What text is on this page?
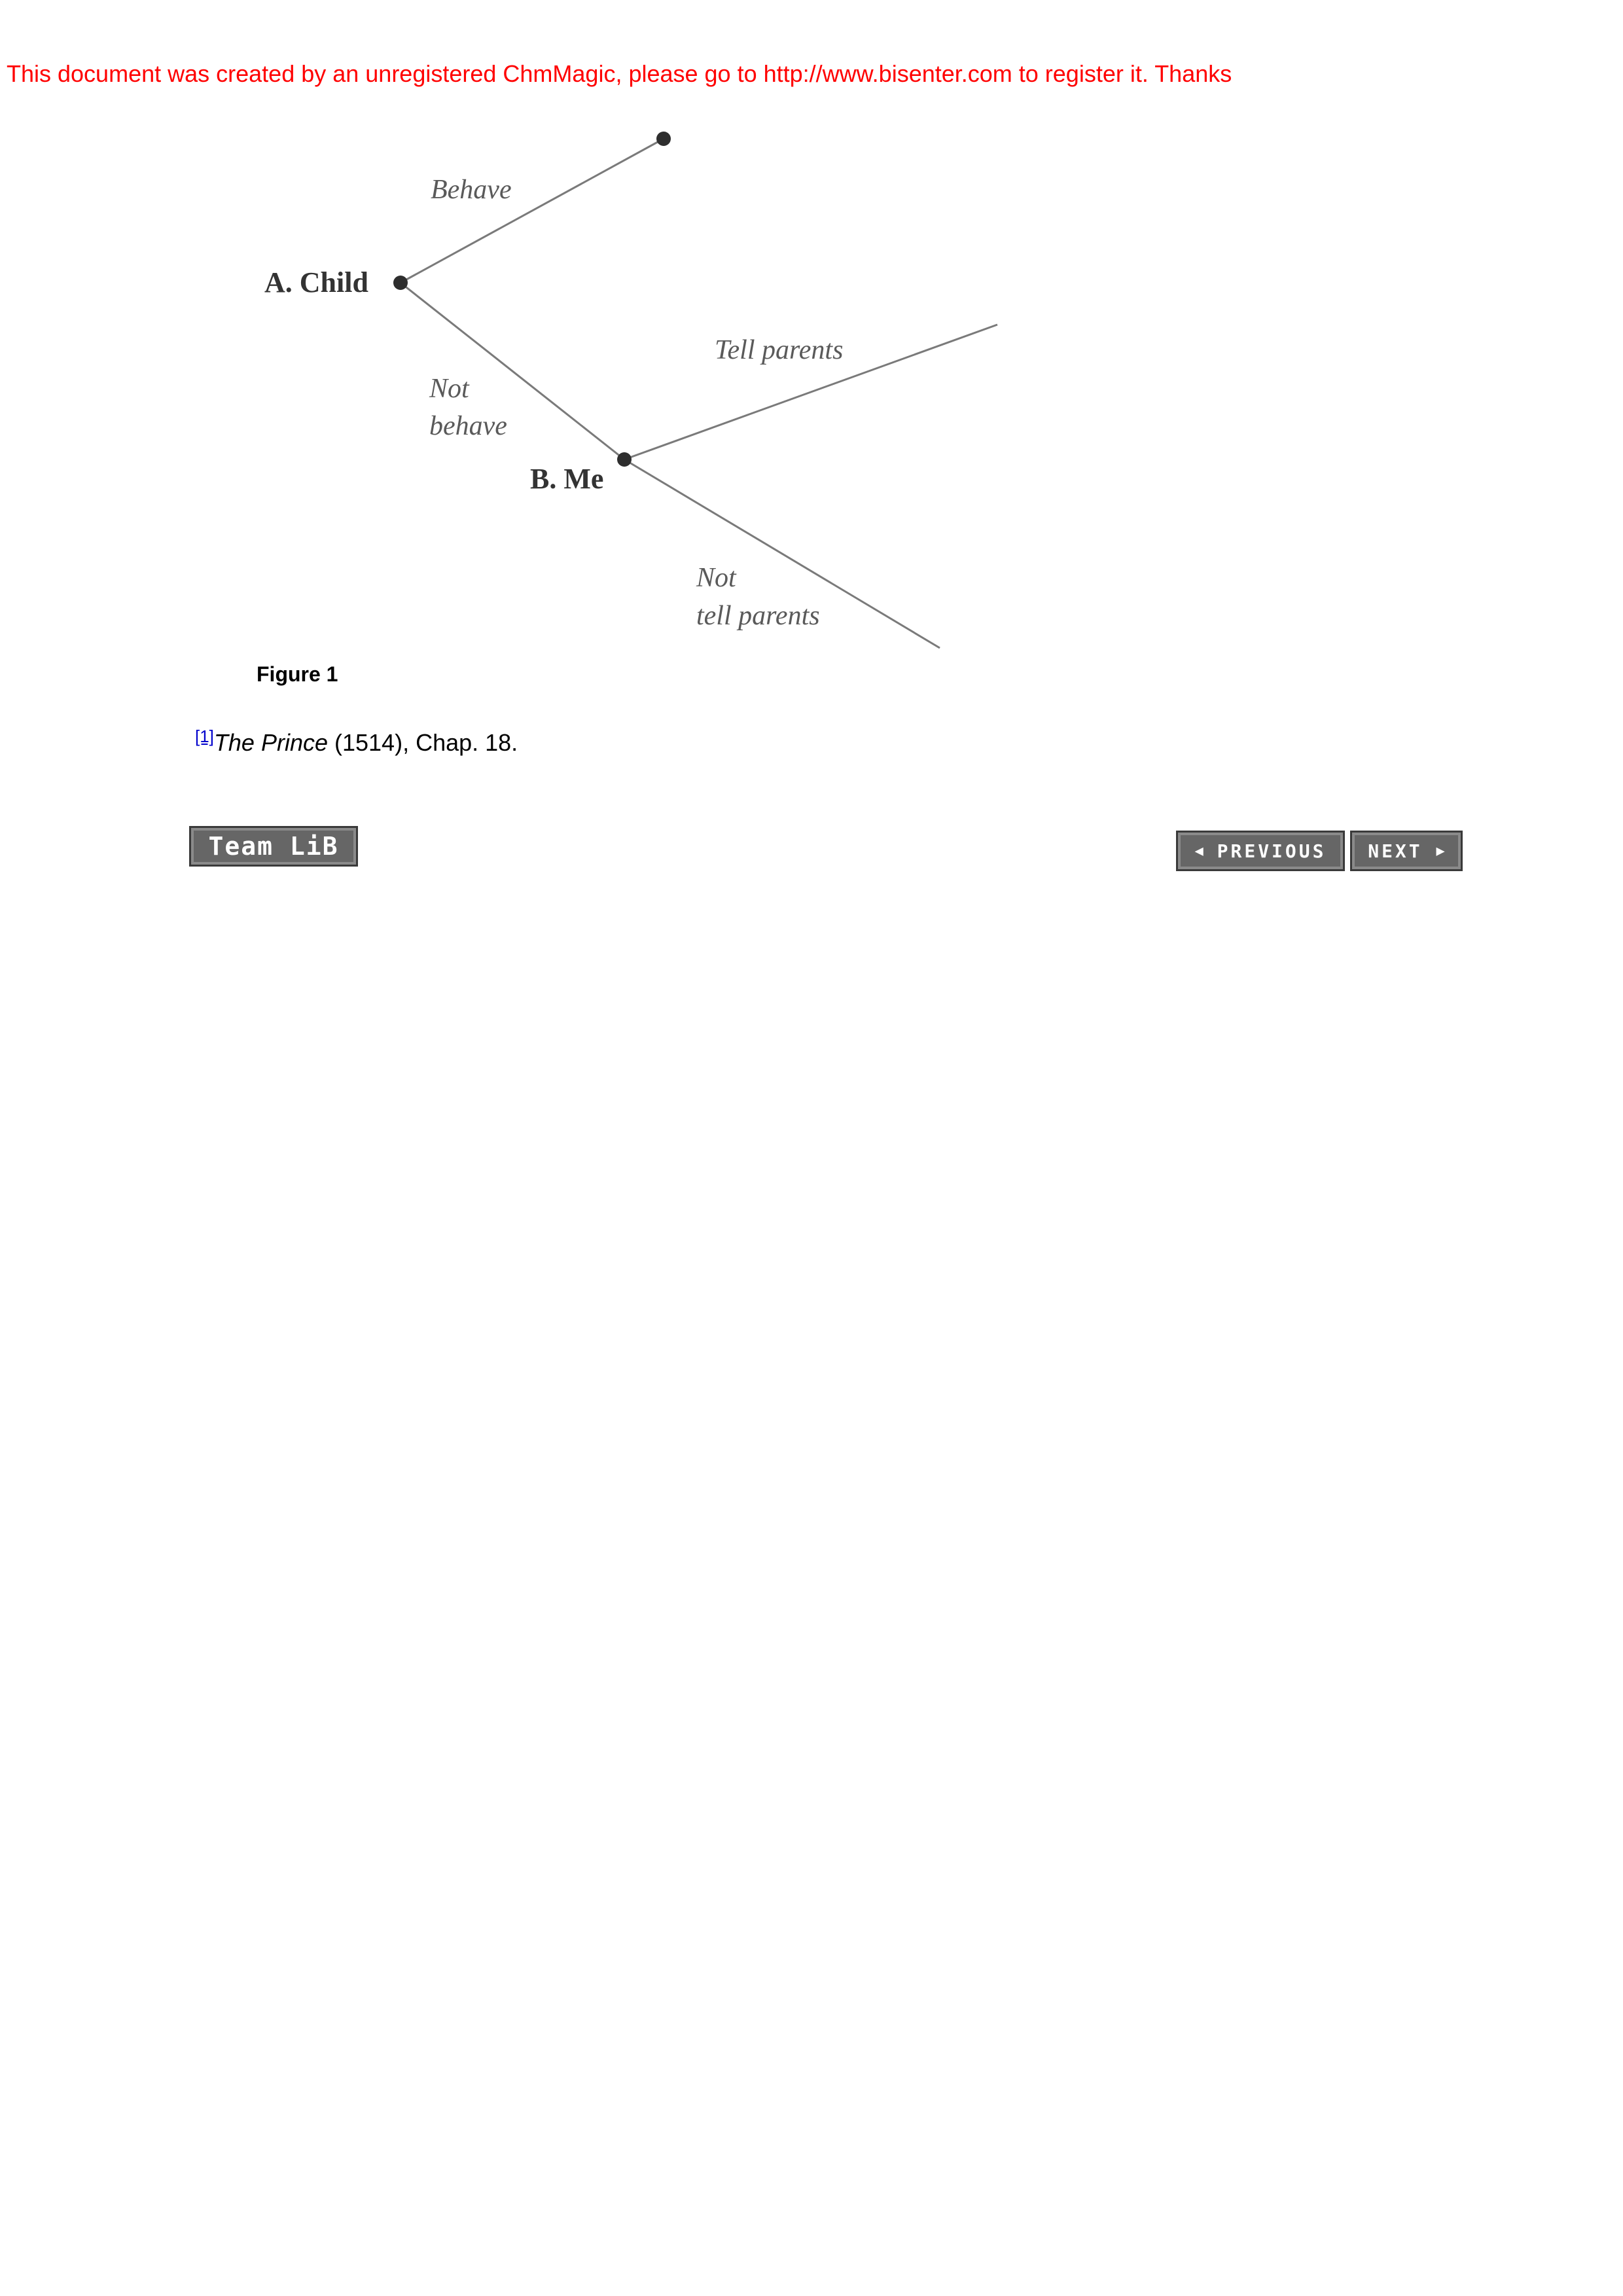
This document was created by an unregistered ChmMagic, please go to http://www.bisenter.com to register it. Thanks
A. Child
B. Me
Behave
Not
behave
Tell parents
Not
tell parents
Figure 1
[1]The Prince (1514), Chap. 18.
Team LiB	◀
PREVIOUS NEXT
▶
